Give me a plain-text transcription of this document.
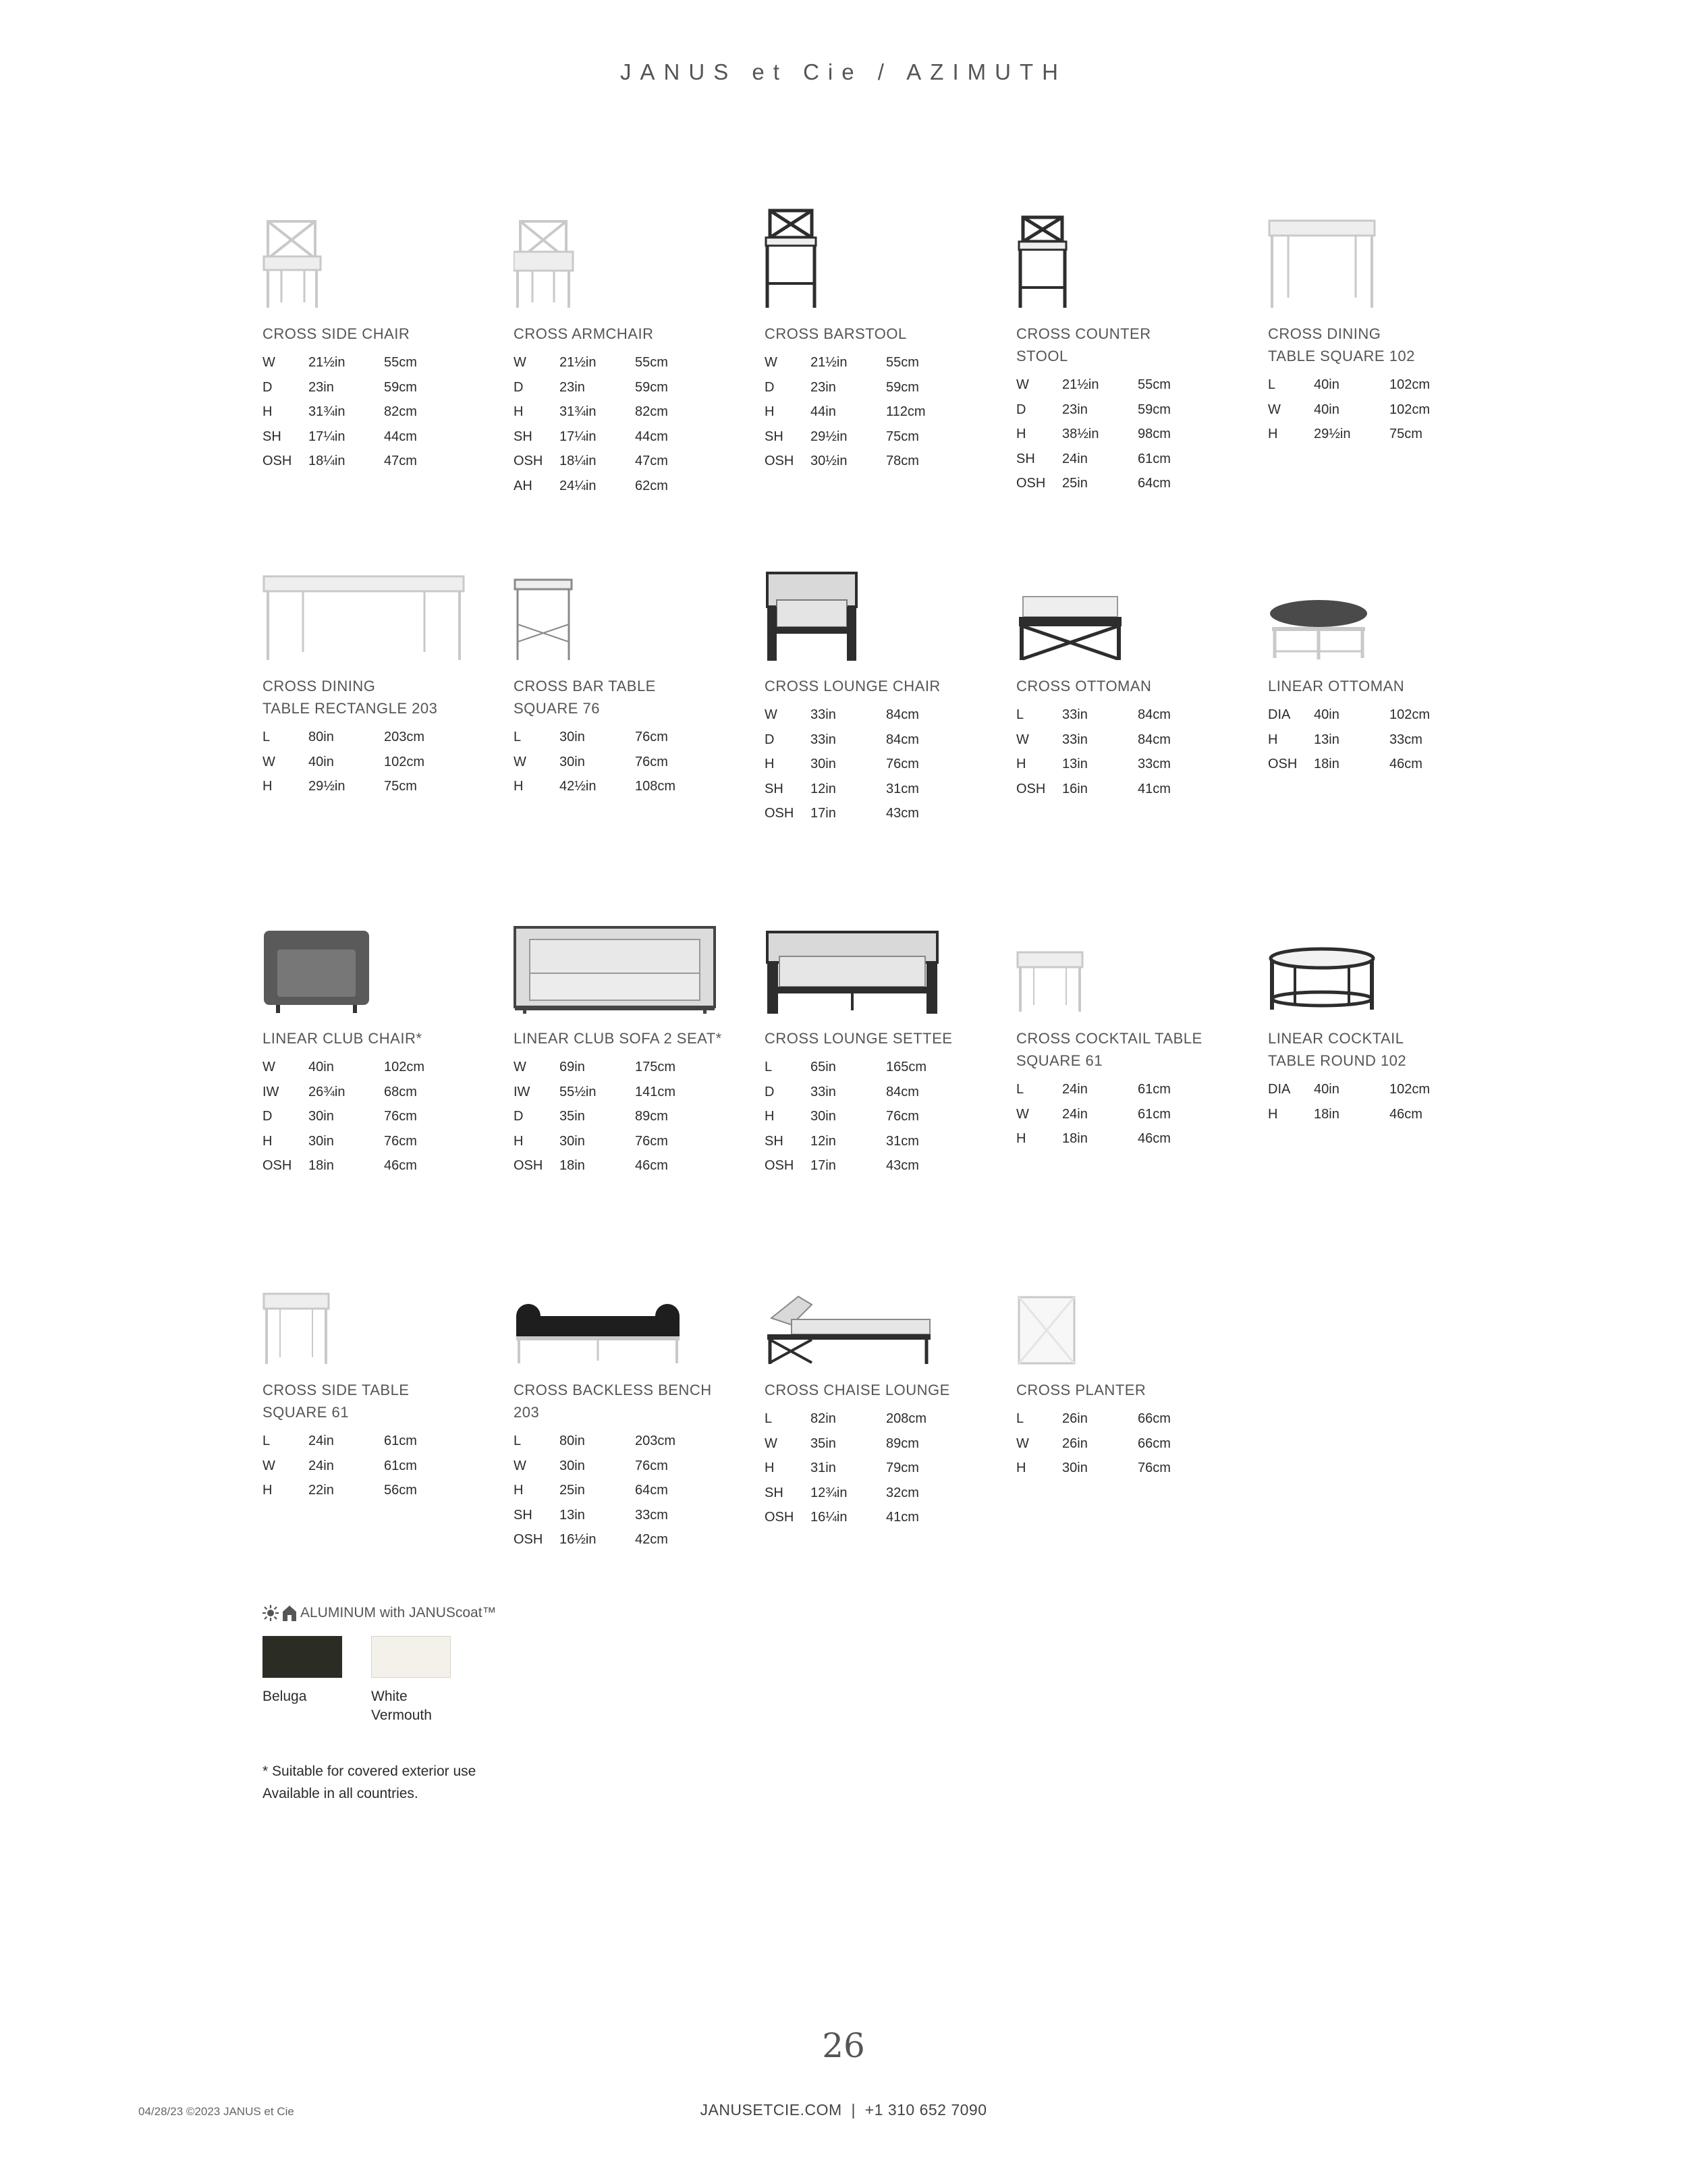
JANUS et Cie / AZIMUTH
CROSS SIDE CHAIR
W 21½in	55cm
D	23in	59cm
H	31¾in	82cm
SH 17¼in	44cm
OSH 18¼in	47cm
CROSS ARMCHAIR
W 21½in	55cm
D	23in	59cm
H	31¾in	82cm
SH 17¼in	44cm
OSH 18¼in	47cm
AH 24¼in	62cm
CROSS BARSTOOL
W 21½in	55cm
D	23in	59cm
H	44in	112cm
SH 29½in	75cm
OSH 30½in	78cm
CROSS COUNTER
STOOL
W 21½in	55cm
D	23in	59cm
H	38½in	98cm
SH 24in	61cm
OSH 25in	64cm
CROSS DINING
TABLE SQUARE 102
L	40in	102cm
W 40in	102cm
H	29½in	75cm
CROSS DINING
TABLE RECTANGLE 203
L	80in	203cm
W 40in	102cm
H	29½in	75cm
CROSS BAR TABLE
SQUARE 76
L	30in	76cm
W 30in	76cm
H	42½in	108cm
CROSS LOUNGE CHAIR
W 33in	84cm
D	33in	84cm
H	30in	76cm
SH 12in	31cm
OSH 17in	43cm
CROSS OTTOMAN
L	33in	84cm
W 33in	84cm
H	13in	33cm
OSH 16in	41cm
LINEAR OTTOMAN
DIA 40in	102cm
H	13in	33cm
OSH 18in	46cm
LINEAR CLUB CHAIR*
W 40in	102cm
IW 26¾in	68cm
D	30in	76cm
H	30in	76cm
OSH 18in	46cm
LINEAR CLUB SOFA 2 SEAT*
W 69in	175cm
IW 55½in	141cm
D	35in	89cm
H	30in	76cm
OSH 18in	46cm
CROSS LOUNGE SETTEE
L	65in	165cm
D	33in	84cm
H	30in	76cm
SH 12in	31cm
OSH 17in	43cm
CROSS COCKTAIL TABLE
SQUARE 61
L	24in	61cm
W 24in	61cm
H	18in	46cm
LINEAR COCKTAIL
TABLE ROUND 102
DIA 40in	102cm
H	18in	46cm
CROSS SIDE TABLE
SQUARE 61
L	24in	61cm
W 24in	61cm
H	22in	56cm
CROSS BACKLESS BENCH
203
L	80in	203cm
W 30in	76cm
H	25in	64cm
SH 13in	33cm
OSH 16½in	42cm
CROSS CHAISE LOUNGE
L	82in	208cm
W 35in	89cm
H	31in	79cm
SH 12¾in	32cm
OSH 16¼in	41cm
CROSS PLANTER
L	26in	66cm
W 26in	66cm
H	30in	76cm
ALUMINUM with JANUScoat™
Beluga	White
Vermouth
* Suitable for covered exterior use
Available in all countries.
26
04/28/23 ©2023 JANUS et Cie	JANUSETCIE.COM  |  +1 310 652 7090
